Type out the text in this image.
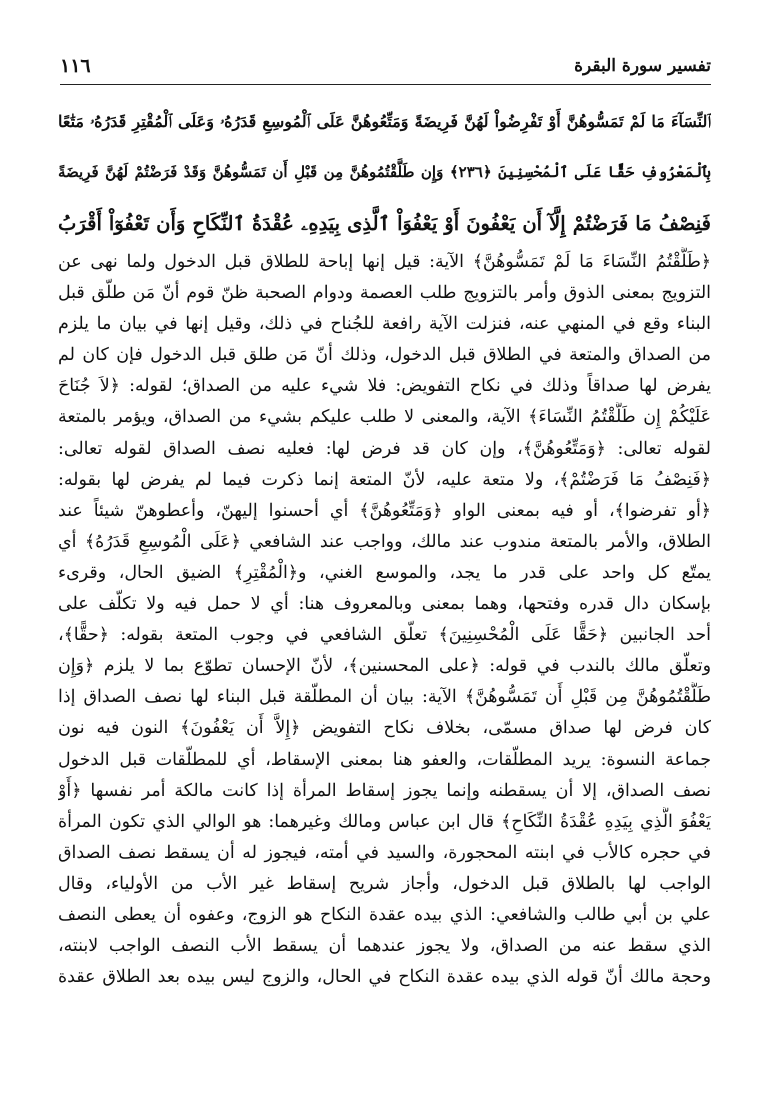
تفسير سورة البقرة
١١٦
ٱلنِّسَآءَ مَا لَمْ تَمَسُّوهُنَّ أَوْ تَفْرِضُواْ لَهُنَّ فَرِيضَةً وَمَتِّعُوهُنَّ عَلَى ٱلْمُوسِعِ قَدَرُهُۥ وَعَلَى ٱلْمُقْتِرِ قَدَرُهُۥ مَتَٰعًا
بِٱلْمَعْرُوفِ حَقًّا عَلَى ٱلْمُحْسِنِينَ ﴿٢٣٦﴾ وَإِن طَلَّقْتُمُوهُنَّ مِن قَبْلِ أَن تَمَسُّوهُنَّ وَقَدْ فَرَضْتُمْ لَهُنَّ فَرِيضَةً
فَنِصْفُ مَا فَرَضْتُمْ إِلَّآ أَن يَعْفُونَ أَوْ يَعْفُوَاْ ٱلَّذِى بِيَدِهِۦ عُقْدَةُ ٱلنِّكَاحِ وَأَن تَعْفُوٓاْ أَقْرَبُ
﴿طَلَّقْتُمُ النِّسَاءَ مَا لَمْ تَمَسُّوهُنَّ﴾ الآية: قيل إنها إباحة للطلاق قبل الدخول ولما نهى عن
التزويج بمعنى الذوق وأمر بالتزويج طلب العصمة ودوام الصحبة ظنّ قوم أنّ مَن طلّق قبل
البناء وقع في المنهي عنه، فنزلت الآية رافعة للجُناح في ذلك، وقيل إنها في بيان ما يلزم
من الصداق والمتعة في الطلاق قبل الدخول، وذلك أنّ مَن طلق قبل الدخول فإن كان لم
يفرض لها صداقاً وذلك في نكاح التفويض: فلا شيء عليه من الصداق؛ لقوله: ﴿لاَ جُنَاحَ
عَلَيْكُمْ إِن طَلَّقْتُمُ النِّسَاءَ﴾ الآية، والمعنى لا طلب عليكم بشيء من الصداق، ويؤمر بالمتعة
لقوله تعالى: ﴿وَمَتِّعُوهُنَّ﴾، وإن كان قد فرض لها: فعليه نصف الصداق لقوله تعالى:
﴿فَنِصْفُ مَا فَرَضْتُمْ﴾، ولا متعة عليه، لأنّ المتعة إنما ذكرت فيما لم يفرض لها بقوله:
﴿أو تفرضوا﴾، أو فيه بمعنى الواو ﴿وَمَتِّعُوهُنَّ﴾ أي أحسنوا إليهنّ، وأعطوهنّ شيئاً عند
الطلاق، والأمر بالمتعة مندوب عند مالك، وواجب عند الشافعي ﴿عَلَى الْمُوسِعِ قَدَرُهُ﴾ أي
يمتّع كل واحد على قدر ما يجد، والموسع الغني، و﴿الْمُقْتِرِ﴾ الضيق الحال، وقرىء
بإسكان دال قدره وفتحها، وهما بمعنى وبالمعروف هنا: أي لا حمل فيه ولا تكلّف على
أحد الجانبين ﴿حَقًّا عَلَى الْمُحْسِنِينَ﴾ تعلّق الشافعي في وجوب المتعة بقوله: ﴿حقًّا﴾،
وتعلّق مالك بالندب في قوله: ﴿على المحسنين﴾، لأنّ الإحسان تطوّع بما لا يلزم ﴿وَإِن
طَلَّقْتُمُوهُنَّ مِن قَبْلِ أَن تَمَسُّوهُنَّ﴾ الآية: بيان أن المطلّقة قبل البناء لها نصف الصداق إذا
كان فرض لها صداق مسمّى، بخلاف نكاح التفويض ﴿إِلاَّ أَن يَعْفُونَ﴾ النون فيه نون
جماعة النسوة: يريد المطلّقات، والعفو هنا بمعنى الإسقاط، أي للمطلّقات قبل الدخول
نصف الصداق، إلا أن يسقطنه وإنما يجوز إسقاط المرأة إذا كانت مالكة أمر نفسها ﴿أَوْ
يَعْفُوَ الَّذِي بِيَدِهِ عُقْدَةُ النِّكَاحِ﴾ قال ابن عباس ومالك وغيرهما: هو الوالي الذي تكون المرأة
في حجره كالأب في ابنته المحجورة، والسيد في أمته، فيجوز له أن يسقط نصف الصداق
الواجب لها بالطلاق قبل الدخول، وأجاز شريح إسقاط غير الأب من الأولياء، وقال
علي بن أبي طالب والشافعي: الذي بيده عقدة النكاح هو الزوج، وعفوه أن يعطى النصف
الذي سقط عنه من الصداق، ولا يجوز عندهما أن يسقط الأب النصف الواجب لابنته،
وحجة مالك أنّ قوله الذي بيده عقدة النكاح في الحال، والزوج ليس بيده بعد الطلاق عقدة
